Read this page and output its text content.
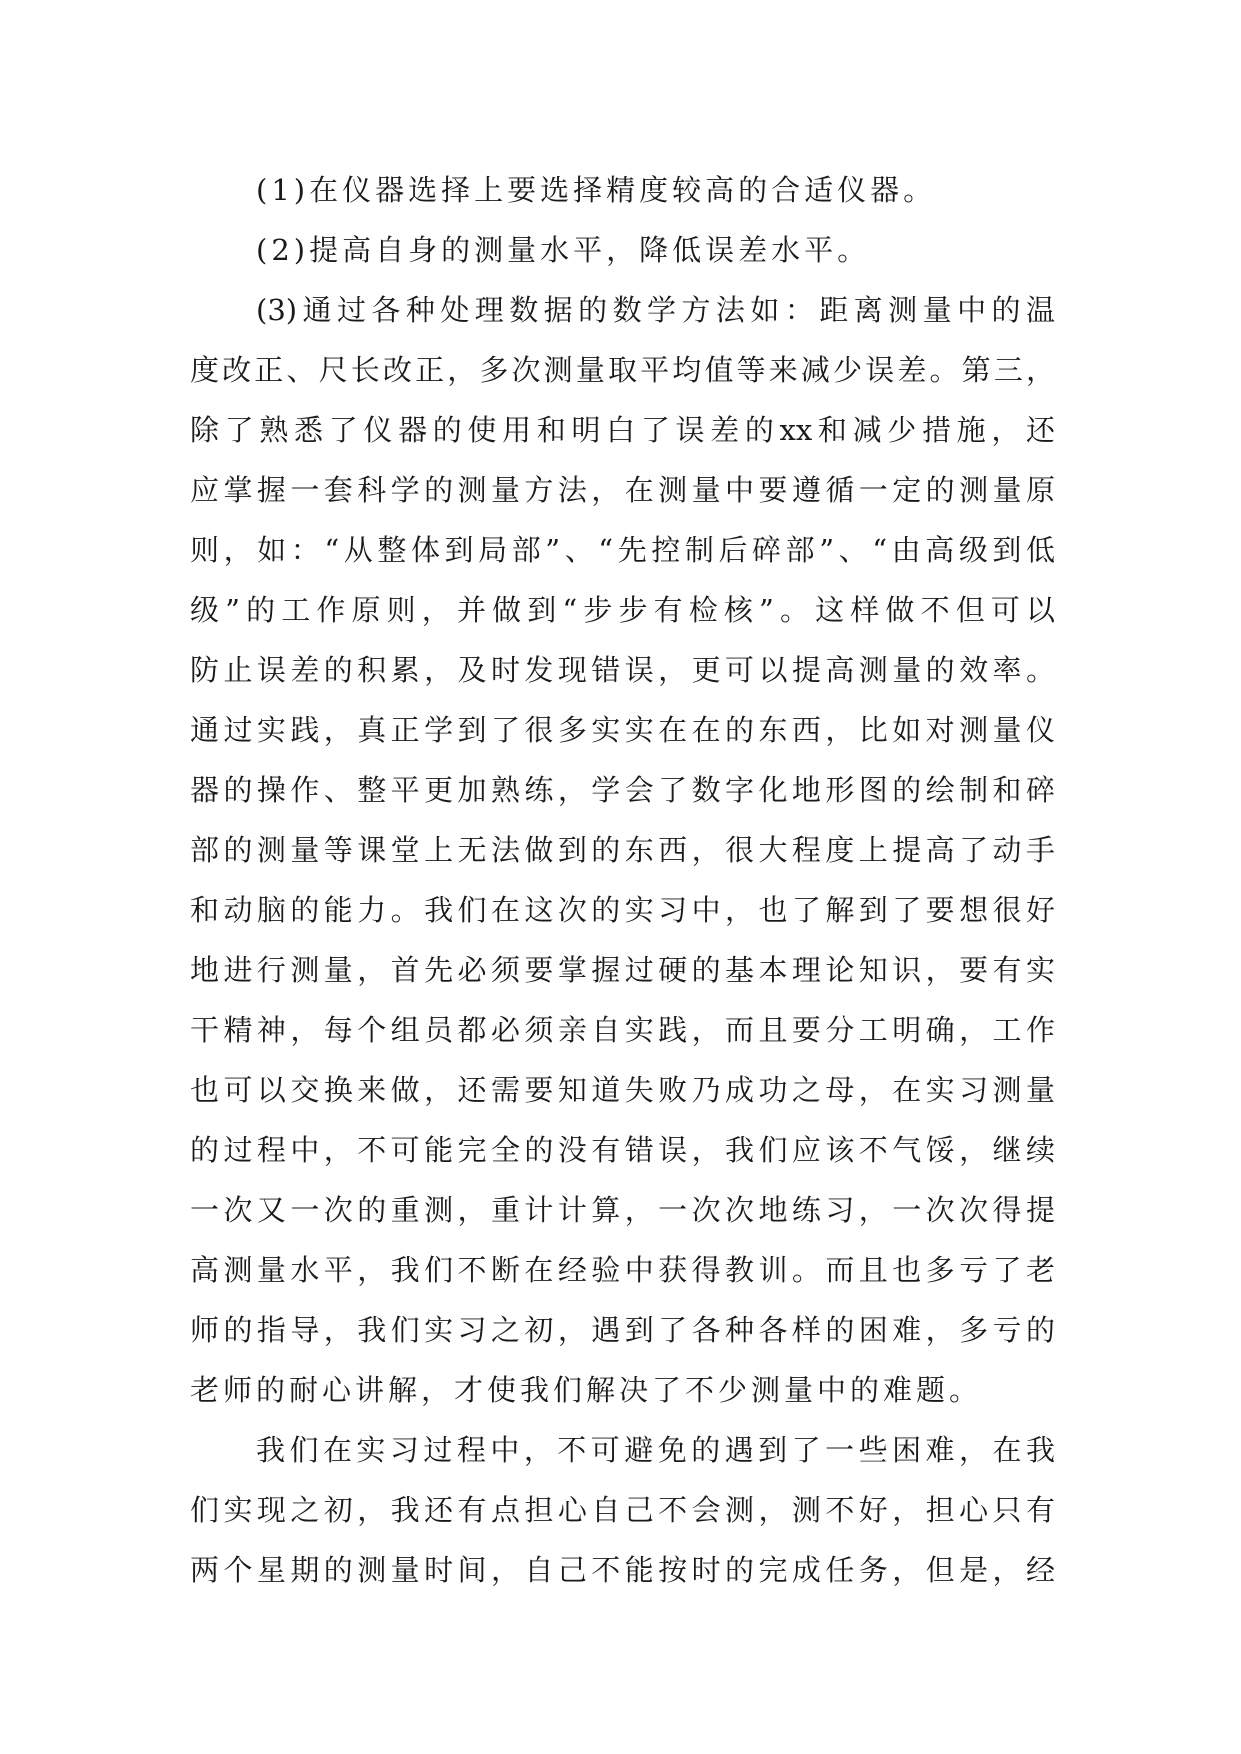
(1)在仪器选择上要选择精度较高的合适仪器。
(2)提高自身的测量水平，降低误差水平。
(3)通过各种处理数据的数学方法如：距离测量中的温
度改正、尺长改正，多次测量取平均值等来减少误差。第三，
除了熟悉了仪器的使用和明白了误差的xx和减少措施，还
应掌握一套科学的测量方法，在测量中要遵循一定的测量原
则，如：“从整体到局部”、“先控制后碎部”、“由高级到低
级”的工作原则，并做到“步步有检核”。这样做不但可以
防止误差的积累，及时发现错误，更可以提高测量的效率。
通过实践，真正学到了很多实实在在的东西，比如对测量仪
器的操作、整平更加熟练，学会了数字化地形图的绘制和碎
部的测量等课堂上无法做到的东西，很大程度上提高了动手
和动脑的能力。我们在这次的实习中，也了解到了要想很好
地进行测量，首先必须要掌握过硬的基本理论知识，要有实
干精神，每个组员都必须亲自实践，而且要分工明确，工作
也可以交换来做，还需要知道失败乃成功之母，在实习测量
的过程中，不可能完全的没有错误，我们应该不气馁，继续
一次又一次的重测，重计计算，一次次地练习，一次次得提
高测量水平，我们不断在经验中获得教训。而且也多亏了老
师的指导，我们实习之初，遇到了各种各样的困难，多亏的
老师的耐心讲解，才使我们解决了不少测量中的难题。
我们在实习过程中，不可避免的遇到了一些困难，在我
们实现之初，我还有点担心自己不会测，测不好，担心只有
两个星期的测量时间，自己不能按时的完成任务，但是，经
